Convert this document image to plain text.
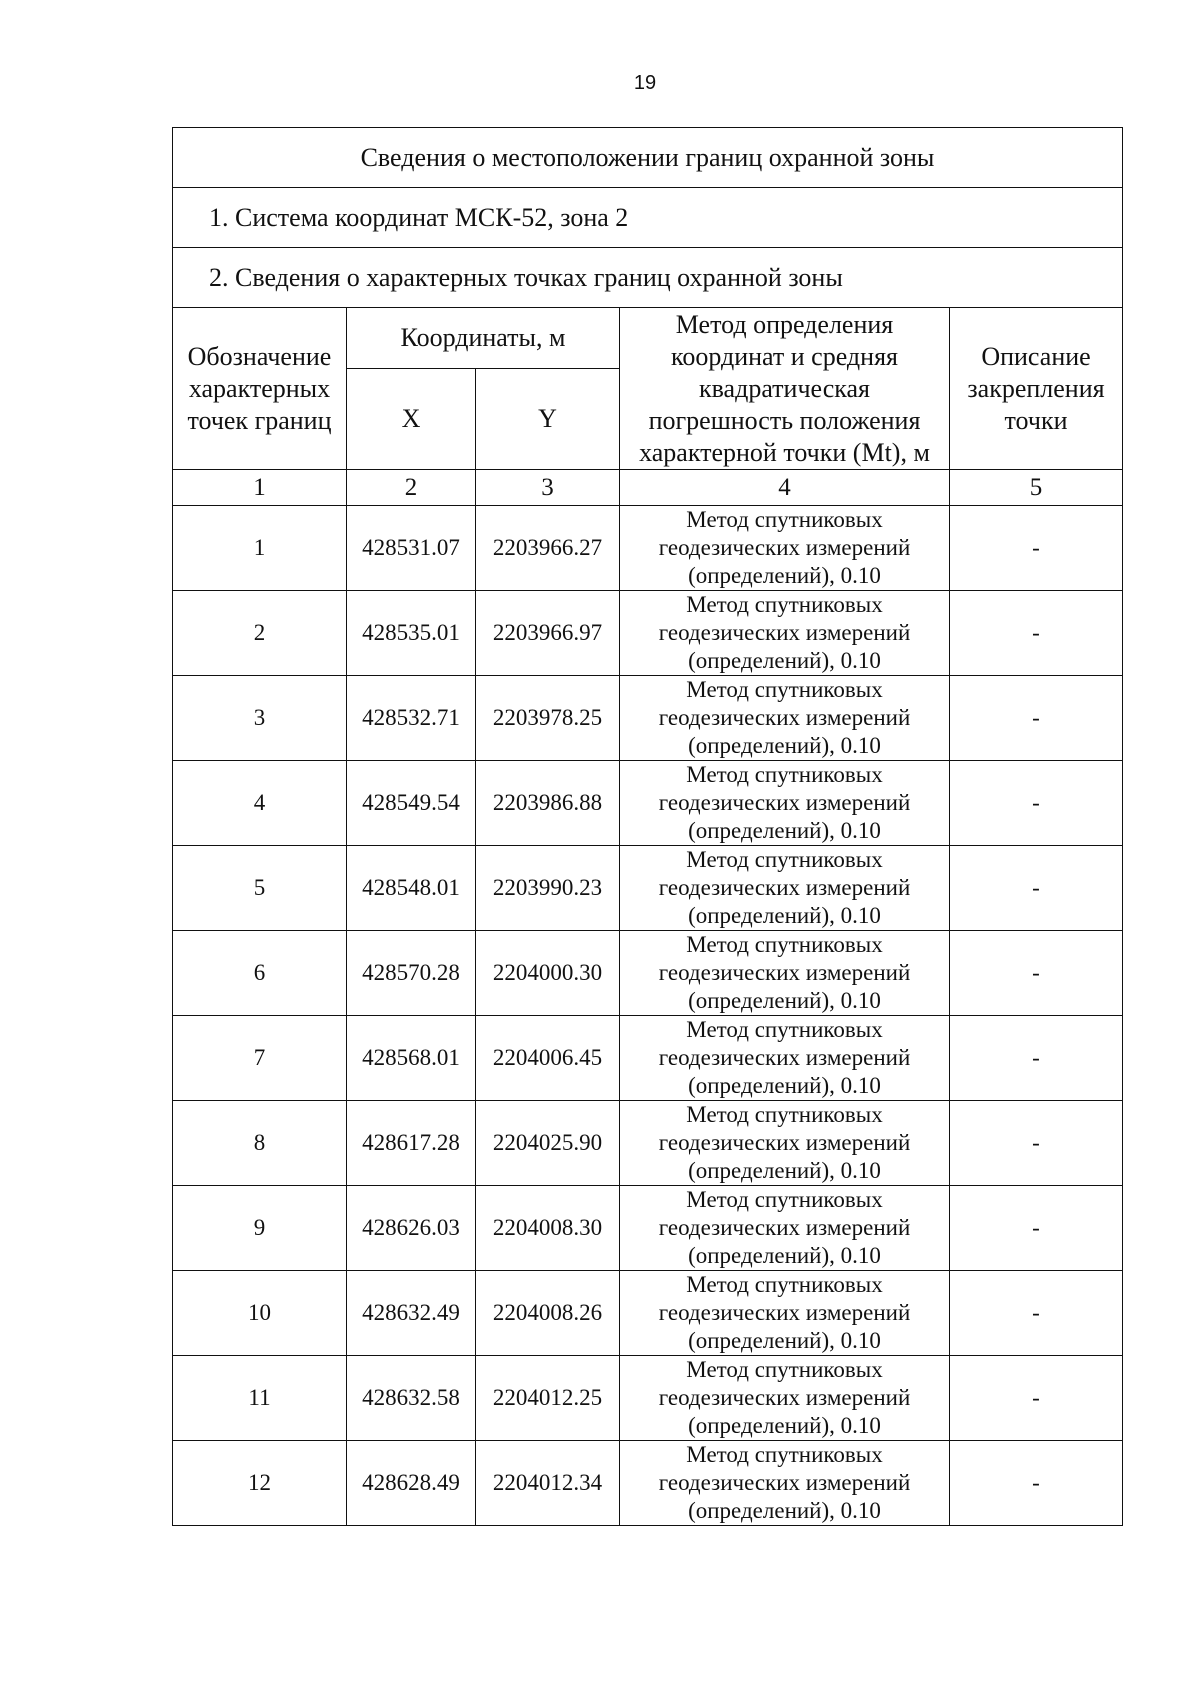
19
Сведения о местоположении границ охранной зоны				
1. Система координат МСК-52, зона 2				
2. Сведения о характерных точках границ охранной зоны				
Обозначение характерных точек границ	Координаты, м		Метод определения координат и средняя квадратическая погрешность положения характерной точки (Mt), м	Описание закрепления точки
	X	Y		
1	2	3	4	5
1	428531.07	2203966.27	Метод спутниковых
геодезических измерений
(определений), 0.10	-
2	428535.01	2203966.97	Метод спутниковых
геодезических измерений
(определений), 0.10	-
3	428532.71	2203978.25	Метод спутниковых
геодезических измерений
(определений), 0.10	-
4	428549.54	2203986.88	Метод спутниковых
геодезических измерений
(определений), 0.10	-
5	428548.01	2203990.23	Метод спутниковых
геодезических измерений
(определений), 0.10	-
6	428570.28	2204000.30	Метод спутниковых
геодезических измерений
(определений), 0.10	-
7	428568.01	2204006.45	Метод спутниковых
геодезических измерений
(определений), 0.10	-
8	428617.28	2204025.90	Метод спутниковых
геодезических измерений
(определений), 0.10	-
9	428626.03	2204008.30	Метод спутниковых
геодезических измерений
(определений), 0.10	-
10	428632.49	2204008.26	Метод спутниковых
геодезических измерений
(определений), 0.10	-
11	428632.58	2204012.25	Метод спутниковых
геодезических измерений
(определений), 0.10	-
12	428628.49	2204012.34	Метод спутниковых
геодезических измерений
(определений), 0.10	-
